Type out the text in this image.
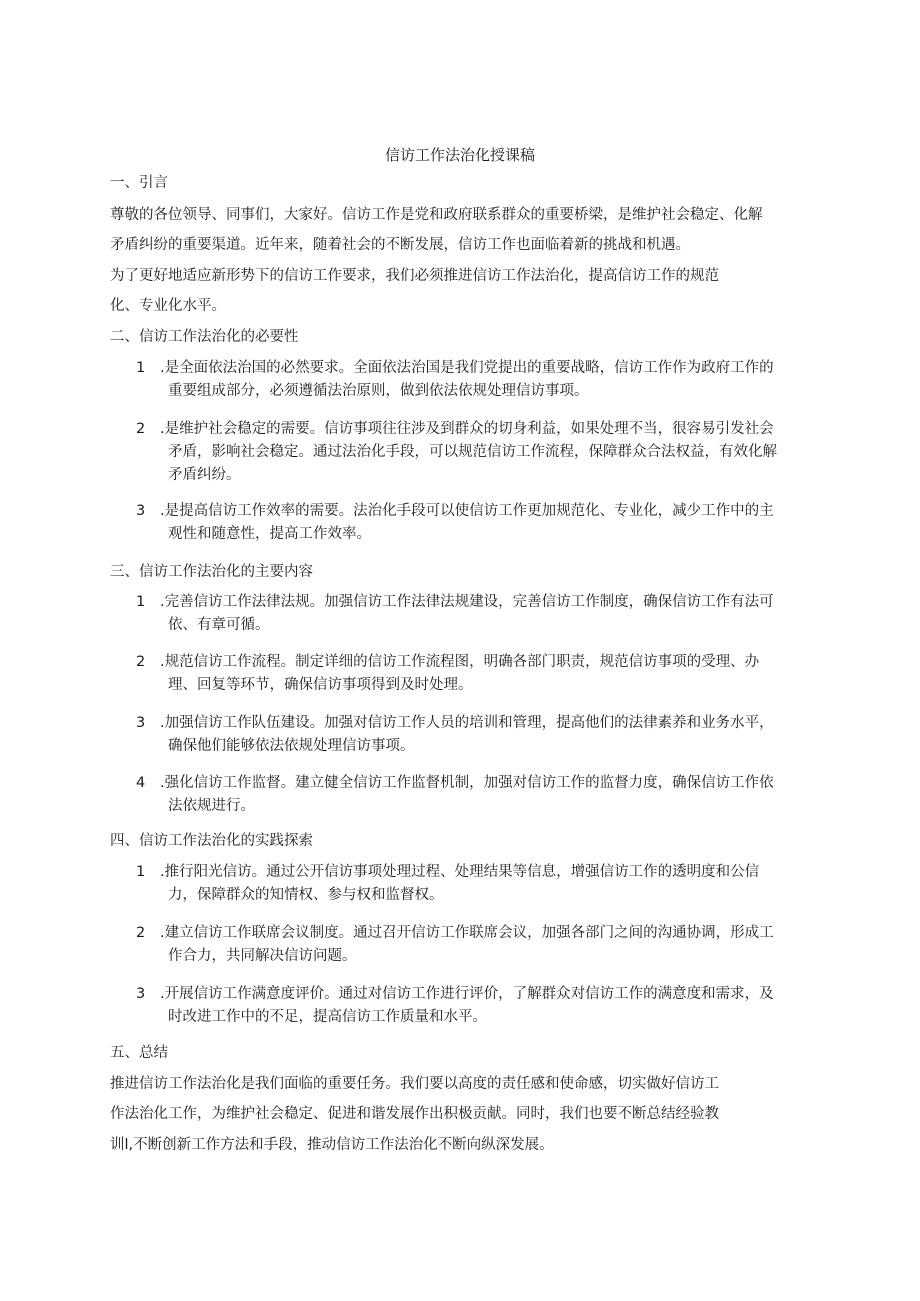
信访工作法治化授课稿
一、引言
尊敬的各位领导、同事们，大家好。信访工作是党和政府联系群众的重要桥梁，是维护社会稳定、化解
矛盾纠纷的重要渠道。近年来，随着社会的不断发展，信访工作也面临着新的挑战和机遇。
为了更好地适应新形势下的信访工作要求，我们必须推进信访工作法治化，提高信访工作的规范
化、专业化水平。
二、信访工作法治化的必要性
1	.是全面依法治国的必然要求。全面依法治国是我们党提出的重要战略，信访工作作为政府工作的
重要组成部分，必须遵循法治原则，做到依法依规处理信访事项。
2	.是维护社会稳定的需要。信访事项往往涉及到群众的切身利益，如果处理不当，很容易引发社会
矛盾，影响社会稳定。通过法治化手段，可以规范信访工作流程，保障群众合法权益，有效化解
矛盾纠纷。
3	.是提高信访工作效率的需要。法治化手段可以使信访工作更加规范化、专业化，减少工作中的主
观性和随意性，提高工作效率。
三、信访工作法治化的主要内容
1	.完善信访工作法律法规。加强信访工作法律法规建设，完善信访工作制度，确保信访工作有法可
依、有章可循。
2	.规范信访工作流程。制定详细的信访工作流程图，明确各部门职责，规范信访事项的受理、办
理、回复等环节，确保信访事项得到及时处理。
3	.加强信访工作队伍建设。加强对信访工作人员的培训和管理，提高他们的法律素养和业务水平，
确保他们能够依法依规处理信访事项。
4	.强化信访工作监督。建立健全信访工作监督机制，加强对信访工作的监督力度，确保信访工作依
法依规进行。
四、信访工作法治化的实践探索
1	.推行阳光信访。通过公开信访事项处理过程、处理结果等信息，增强信访工作的透明度和公信
力，保障群众的知情权、参与权和监督权。
2	.建立信访工作联席会议制度。通过召开信访工作联席会议，加强各部门之间的沟通协调，形成工
作合力，共同解决信访问题。
3	.开展信访工作满意度评价。通过对信访工作进行评价，了解群众对信访工作的满意度和需求，及
时改进工作中的不足，提高信访工作质量和水平。
五、总结
推进信访工作法治化是我们面临的重要任务。我们要以高度的责任感和使命感，切实做好信访工
作法治化工作，为维护社会稳定、促进和谐发展作出积极贡献。同时，我们也要不断总结经验教
训l,不断创新工作方法和手段，推动信访工作法治化不断向纵深发展。
